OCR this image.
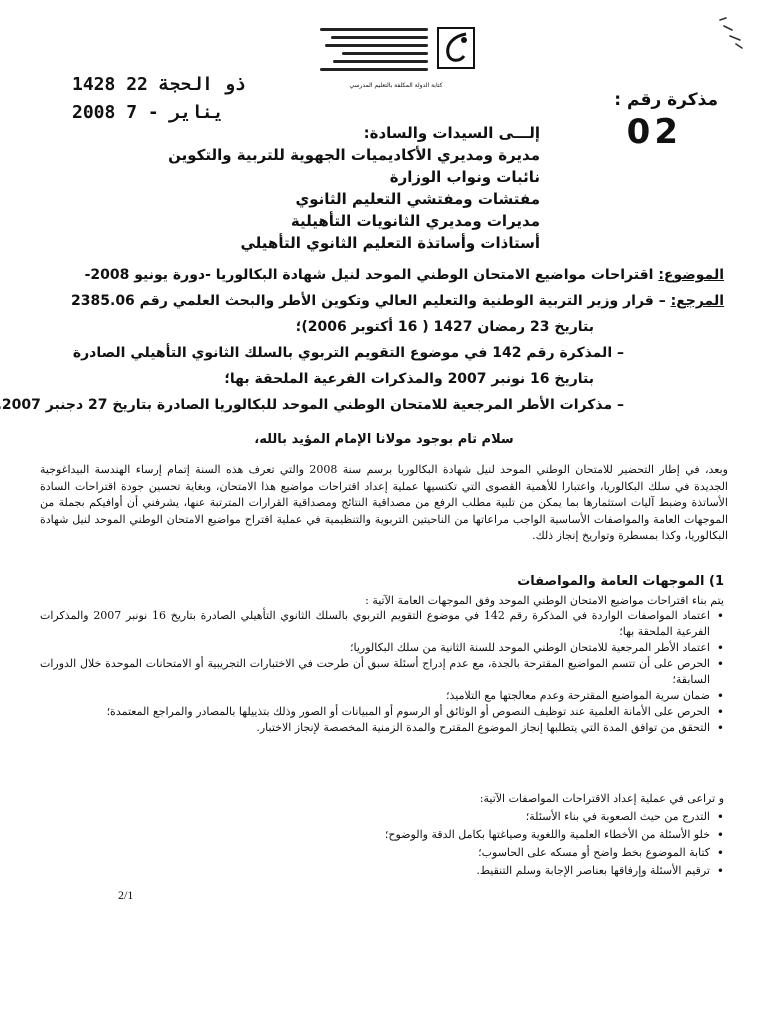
كتابة الدولة المكلفة بالتعليم المدرسي
1428 ذو الحجة 22
2008 يناير - 7
مذكرة رقم :
02
إلـــى السيدات والسادة:
مديرة ومديري الأكاديميات الجهوية للتربية والتكوين
نائبات ونواب الوزارة
مفتشات ومفتشي التعليم الثانوي
مديرات ومديري الثانويات التأهيلية
أستاذات وأساتذة التعليم الثانوي التأهيلي
الموضوع: اقتراحات مواضيع الامتحان الوطني الموحد لنيل شهادة البكالوريا -دورة يونيو 2008-
المرجع: – قرار وزير التربية الوطنية والتعليم العالي وتكوين الأطر والبحث العلمي رقم 2385.06
بتاريخ 23 رمضان 1427 ( 16 أكتوبر 2006)؛
– المذكرة رقم 142 في موضوع التقويم التربوي بالسلك الثانوي التأهيلي الصادرة
بتاريخ 16 نونبر 2007 والمذكرات الفرعية الملحقة بها؛
– مذكرات الأطر المرجعية للامتحان الوطني الموحد للبكالوريا الصادرة بتاريخ 27 دجنبر 2007
سلام تام بوجود مولانا الإمام المؤيد بالله،
وبعد، في إطار التحضير للامتحان الوطني الموحد لنيل شهادة البكالوريا برسم سنة 2008 والتي تعرف هذه السنة إتمام إرساء الهندسة البيداغوجية الجديدة في سلك البكالوريا، واعتبارا للأهمية القصوى التي تكتسيها عملية إعداد اقتراحات مواضيع هذا الامتحان، وبغاية تحسين جودة اقتراحات السادة الأساتذة وضبط آليات استثمارها بما يمكن من تلبية مطلب الرفع من مصداقية النتائج ومصداقية القرارات المترتبة عنها، يشرفني أن أوافيكم بجملة من الموجهات العامة والمواصفات الأساسية الواجب مراعاتها من الناحيتين التربوية والتنظيمية في عملية اقتراح مواضيع الامتحان الوطني الموحد لنيل شهادة البكالوريا، وكذا بمسطرة وتواريخ إنجاز ذلك.
1) الموجهات العامة والمواصفات
يتم بناء اقتراحات مواضيع الامتحان الوطني الموحد وفق الموجهات العامة الآتية :
• اعتماد المواصفات الواردة في المذكرة رقم 142 في موضوع التقويم التربوي بالسلك الثانوي التأهيلي الصادرة بتاريخ 16 نونبر 2007 والمذكرات الفرعية الملحقة بها؛
• اعتماد الأطر المرجعية للامتحان الوطني الموحد للسنة الثانية من سلك البكالوريا؛
• الحرص على أن تتسم المواضيع المقترحة بالجدة، مع عدم إدراج أسئلة سبق أن طرحت في الاختبارات التجريبية أو الامتحانات الموحدة خلال الدورات السابقة؛
• ضمان سرية المواضيع المقترحة وعدم معالجتها مع التلاميذ؛
• الحرص على الأمانة العلمية عند توظيف النصوص أو الوثائق أو الرسوم أو المبيانات أو الصور وذلك بتذييلها بالمصادر والمراجع المعتمدة؛
• التحقق من توافق المدة التي يتطلبها إنجاز الموضوع المقترح والمدة الزمنية المخصصة لإنجاز الاختبار.
و تراعى في عملية إعداد الاقتراحات المواصفات الآتية:
• التدرج من حيث الصعوبة في بناء الأسئلة؛
• خلو الأسئلة من الأخطاء العلمية واللغوية وصياغتها بكامل الدقة والوضوح؛
• كتابة الموضوع بخط واضح أو مسكه على الحاسوب؛
• ترقيم الأسئلة وإرفاقها بعناصر الإجابة وسلم التنقيط.
2/1
